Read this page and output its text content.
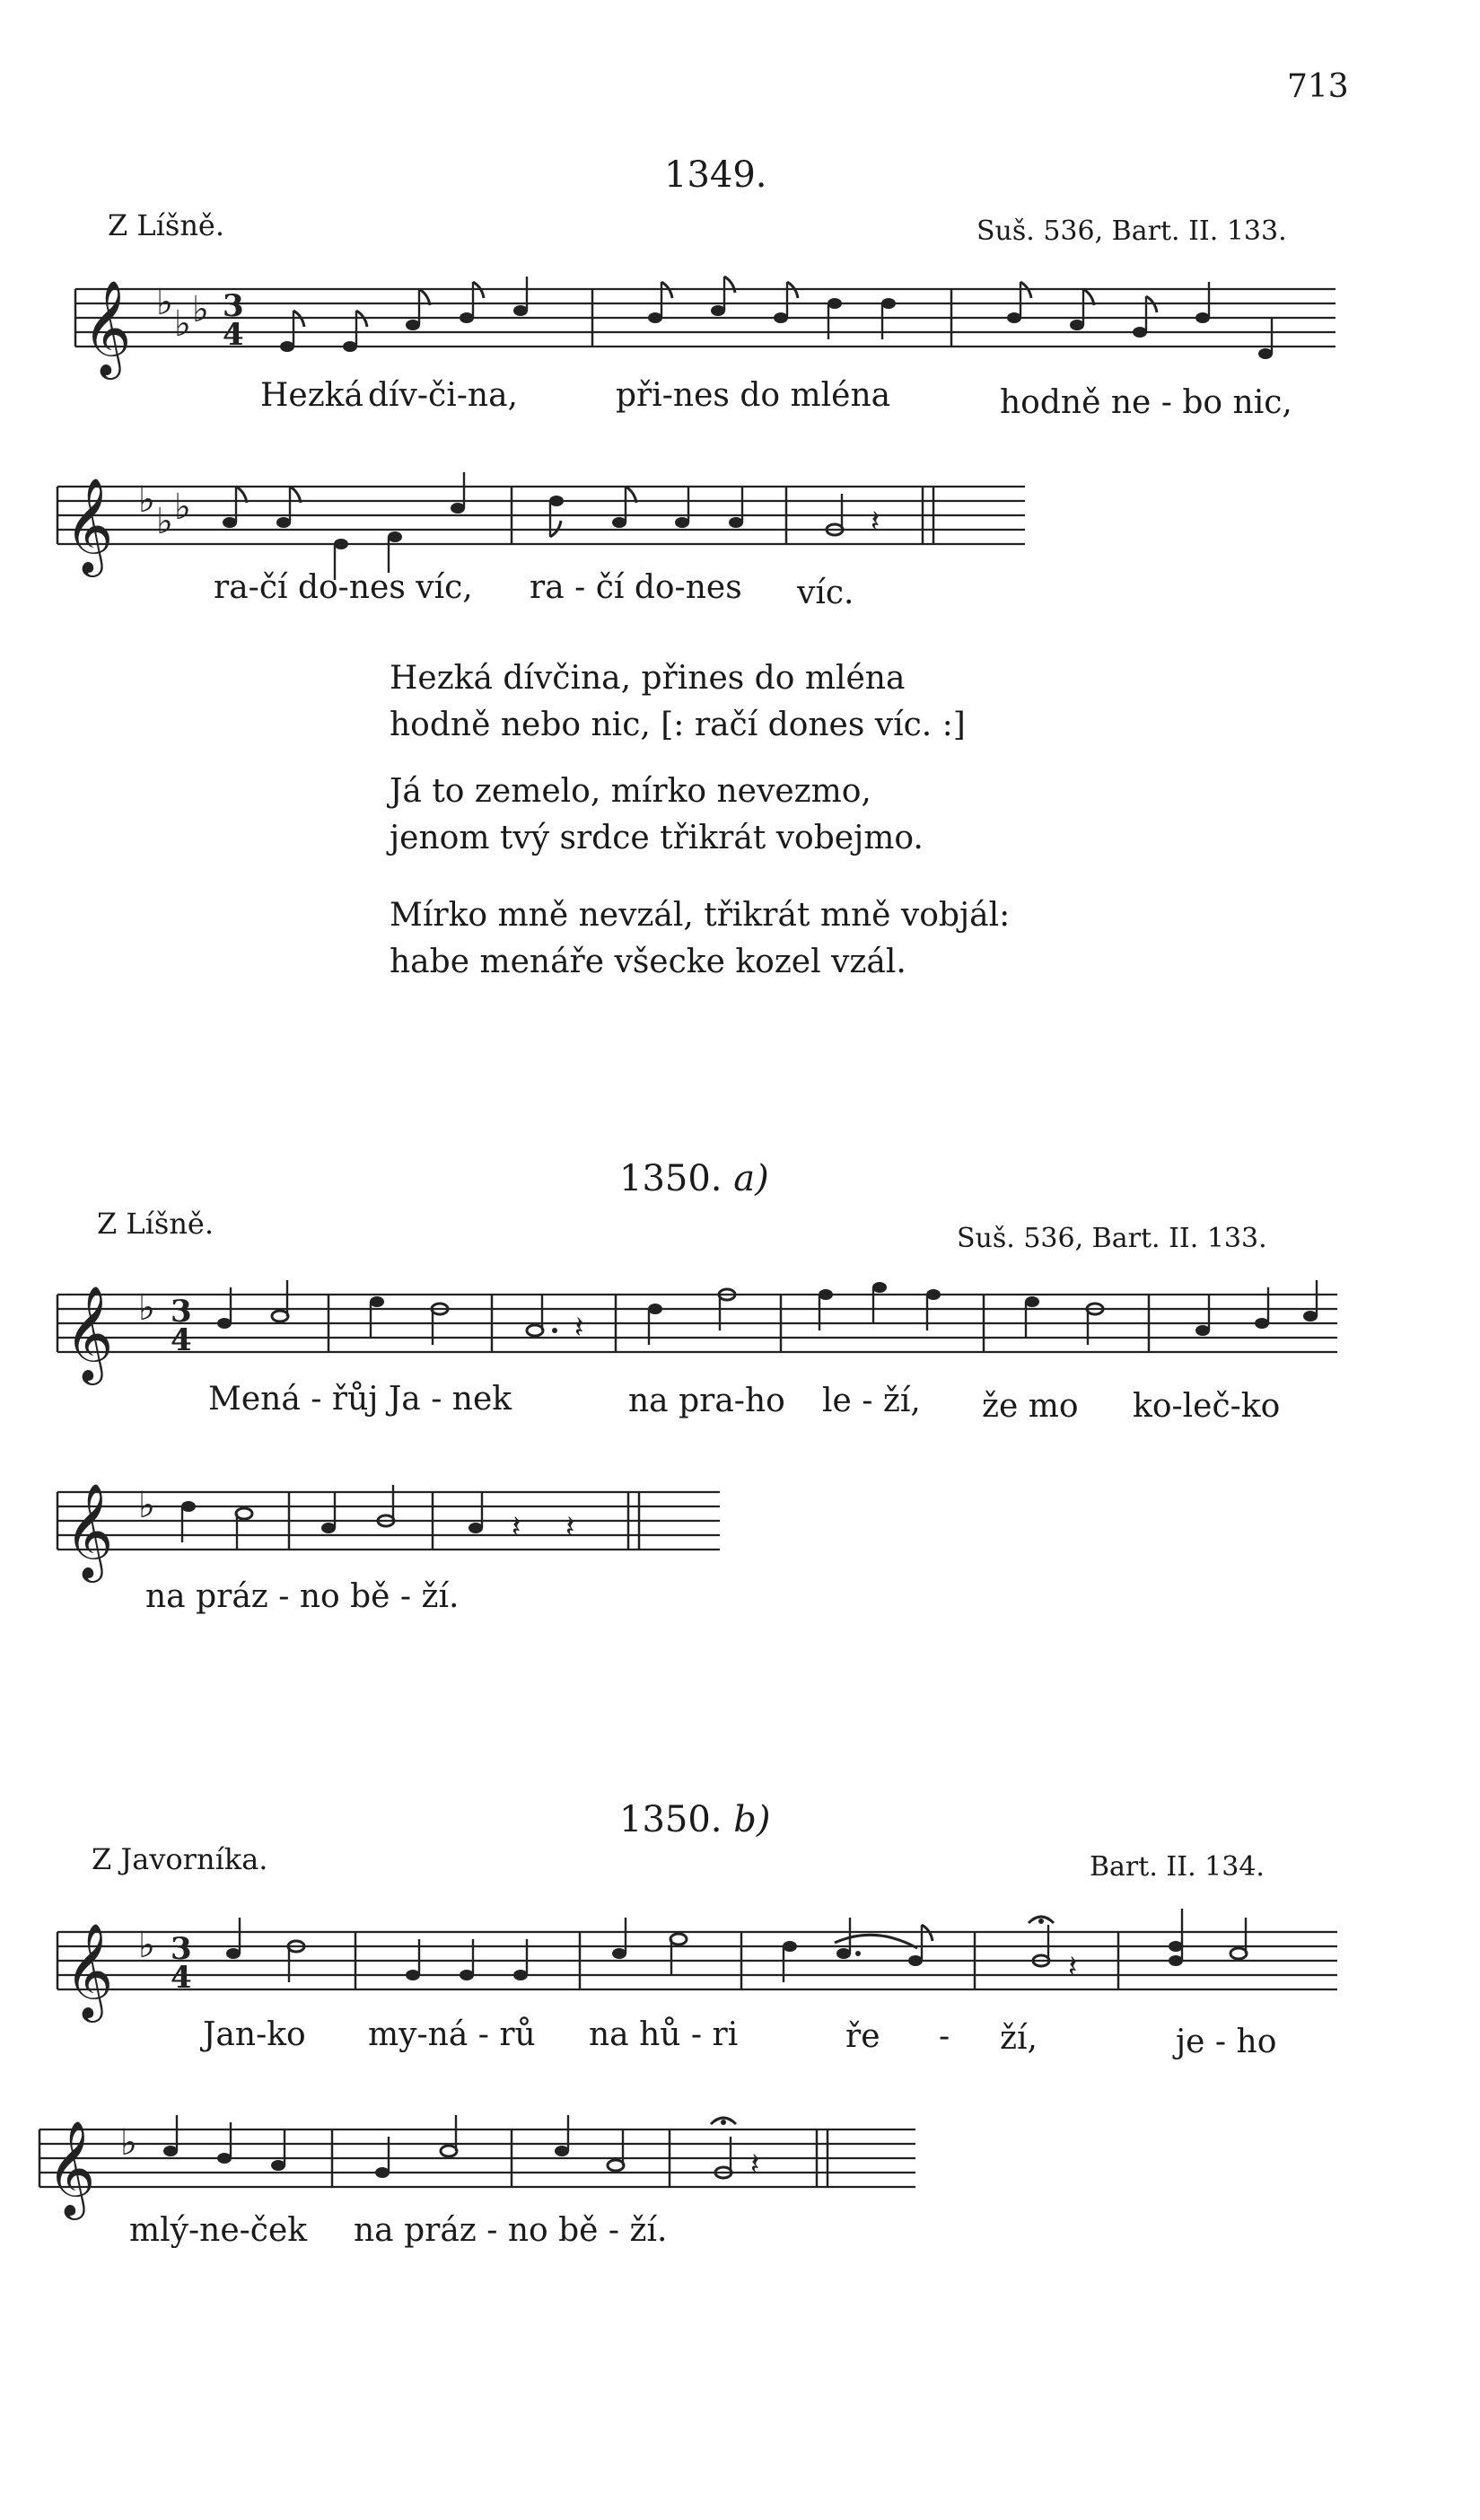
713
1349.
Z Líšně.	Suš. 536, Bart. II. 133.
𝄞 ♭
♭ ♭ 3
4
Hezká dív-či-na,	při-nes do mléna	hodně ne - bo nic,
𝄞 ♭
♭ ♭	𝄽
ra-čí do-nes víc, ra - čí do-nes víc.
Hezká dívčina, přines do mléna
hodně nebo nic, [: račí dones víc. :]
Já to zemelo, mírko nevezmo,
jenom tvý srdce třikrát vobejmo.
Mírko mně nevzál, třikrát mně vobjál:
habe menáře všecke kozel vzál.
1350. a)
Z Líšně.	Suš. 536, Bart. II. 133.
𝄞 ♭ 3
4	𝄽
Mená - řůj Ja - nek	na pra-ho le - ží, že mo ko-leč-ko
𝄞 ♭
𝄽 𝄽
na práz - no bě - ží.
1350. b)
Z Javorníka.	Bart. II. 134.
𝄞 ♭ 3
4	𝄽
Jan-ko my-ná - rů na hů - ri	ře - ží,	je - ho
𝄞 ♭
𝄽
mlý-ne-ček na práz - no bě - ží.
